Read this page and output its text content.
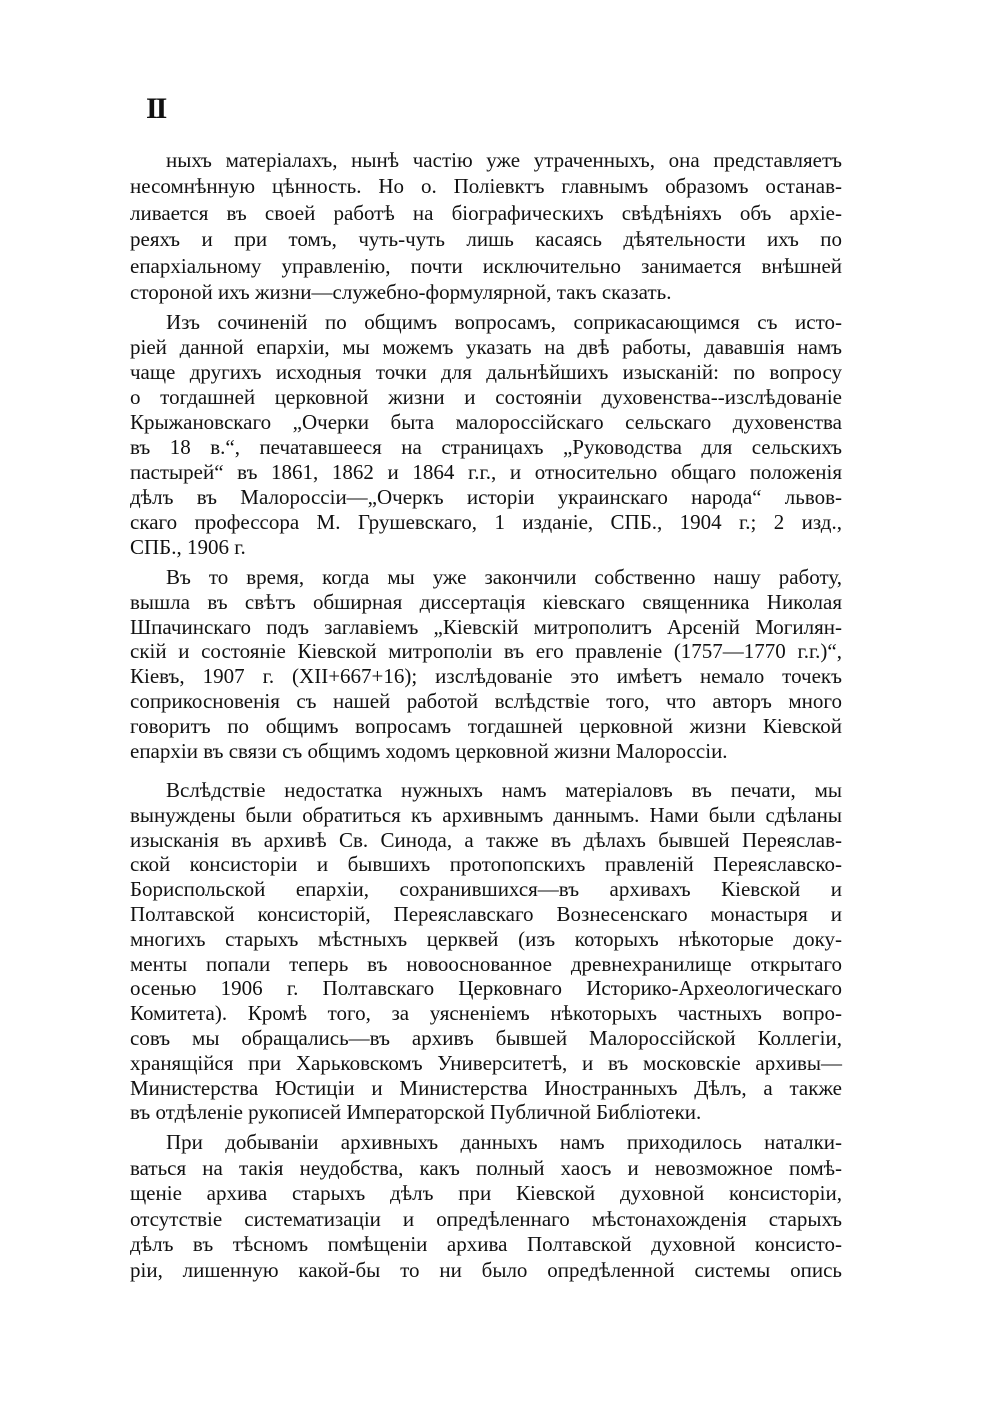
II
ныхъ матеріалахъ, нынѣ частію уже утраченныхъ, она представляетъ
несомнѣнную цѣнность. Но о. Поліевктъ главнымъ образомъ останав-
ливается въ своей работѣ на біографическихъ свѣдѣніяхъ объ архіе-
реяхъ и при томъ, чуть-чуть лишь касаясь дѣятельности ихъ по
епархіальному управленію, почти исключительно занимается внѣшней
стороной ихъ жизни—служебно-формулярной, такъ сказать.
Изъ сочиненій по общимъ вопросамъ, соприкасающимся съ исто-
ріей данной епархіи, мы можемъ указать на двѣ работы, дававшія намъ
чаще другихъ исходныя точки для дальнѣйшихъ изысканій: по вопросу
о тогдашней церковной жизни и состояніи духовенства--изслѣдованіе
Крыжановскаго „Очерки быта малороссійскаго сельскаго духовенства
въ 18 в.“, печатавшееся на страницахъ „Руководства для сельскихъ
пастырей“ въ 1861, 1862 и 1864 г.г., и относительно общаго положенія
дѣлъ въ Малороссіи—„Очеркъ исторіи украинскаго народа“ львов-
скаго профессора М. Грушевскаго, 1 изданіе, СПБ., 1904 г.; 2 изд.,
СПБ., 1906 г.
Въ то время, когда мы уже закончили собственно нашу работу,
вышла въ свѣтъ обширная диссертація кіевскаго священника Николая
Шпачинскаго подъ заглавіемъ „Кіевскій митрополитъ Арсеній Могилян-
скій и состояніе Кіевской митрополіи въ его правленіе (1757—1770 г.г.)“,
Кіевъ, 1907 г. (XII+667+16); изслѣдованіе это имѣетъ немало точекъ
соприкосновенія съ нашей работой вслѣдствіе того, что авторъ много
говоритъ по общимъ вопросамъ тогдашней церковной жизни Кіевской
епархіи въ связи съ общимъ ходомъ церковной жизни Малороссіи.
Вслѣдствіе недостатка нужныхъ намъ матеріаловъ въ печати, мы
вынуждены были обратиться къ архивнымъ даннымъ. Нами были сдѣланы
изысканія въ архивѣ Св. Синода, а также въ дѣлахъ бывшей Переяслав-
ской консисторіи и бывшихъ протопопскихъ правленій Переяславско-
Бориспольской епархіи, сохранившихся—въ архивахъ Кіевской и
Полтавской консисторій, Переяславскаго Вознесенскаго монастыря и
многихъ старыхъ мѣстныхъ церквей (изъ которыхъ нѣкоторые доку-
менты попали теперь въ новооснованное древнехранилище открытаго
осенью 1906 г. Полтавскаго Церковнаго Историко-Археологическаго
Комитета). Кромѣ того, за уясненіемъ нѣкоторыхъ частныхъ вопро-
совъ мы обращались—въ архивъ бывшей Малороссійской Коллегіи,
хранящійся при Харьковскомъ Университетѣ, и въ московскіе архивы—
Министерства Юстиціи и Министерства Иностранныхъ Дѣлъ, а также
въ отдѣленіе рукописей Императорской Публичной Библіотеки.
При добываніи архивныхъ данныхъ намъ приходилось наталки-
ваться на такія неудобства, какъ полный хаосъ и невозможное помѣ-
щеніе архива старыхъ дѣлъ при Кіевской духовной консисторіи,
отсутствіе систематизаціи и опредѣленнаго мѣстонахожденія старыхъ
дѣлъ въ тѣсномъ помѣщеніи архива Полтавской духовной консисто-
ріи, лишенную какой-бы то ни было опредѣленной системы опись
